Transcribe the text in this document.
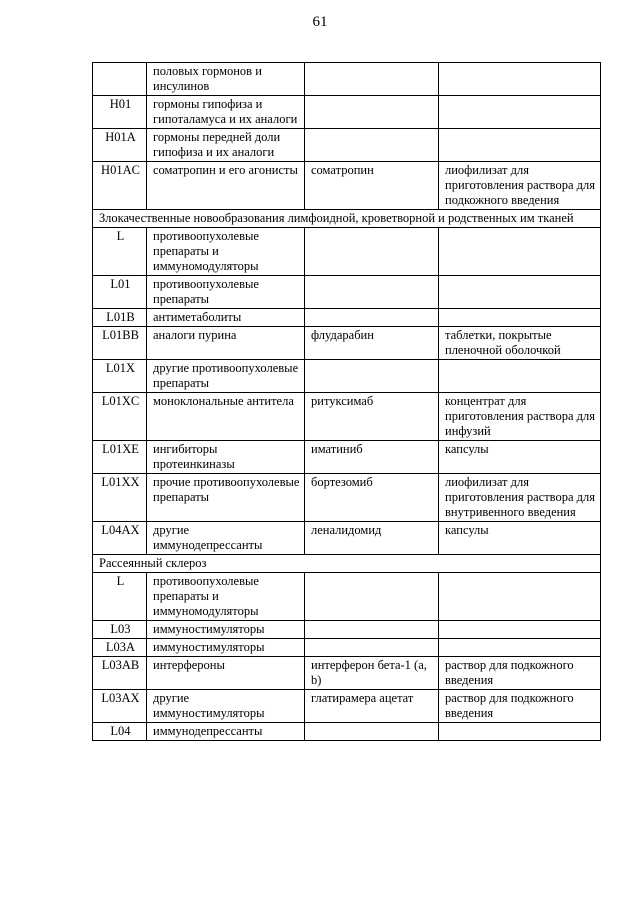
61
	половых гормонов и инсулинов		
H01	гормоны гипофиза и гипоталамуса и их аналоги		
H01A	гормоны передней доли гипофиза и их аналоги		
H01AC	соматропин и его агонисты	соматропин	лиофилизат для приготовления раствора для подкожного введения
Злокачественные новообразования лимфоидной, кроветворной и родственных им тканей			
L	противоопухолевые препараты и иммуномодуляторы		
L01	противоопухолевые препараты		
L01B	антиметаболиты		
L01BB	аналоги пурина	флударабин	таблетки, покрытые пленочной оболочкой
L01X	другие противоопухолевые препараты		
L01XC	моноклональные антитела	ритуксимаб	концентрат для приготовления раствора для инфузий
L01XE	ингибиторы протеинкиназы	иматиниб	капсулы
L01XX	прочие противоопухолевые препараты	бортезомиб	лиофилизат для приготовления раствора для внутривенного введения
L04AX	другие иммунодепрессанты	леналидомид	капсулы
Рассеянный склероз			
L	противоопухолевые препараты и иммуномодуляторы		
L03	иммуностимуляторы		
L03A	иммуностимуляторы		
L03AB	интерфероны	интерферон бета-1 (a, b)	раствор для подкожного введения
L03AX	другие иммуностимуляторы	глатирамера ацетат	раствор для подкожного введения
L04	иммунодепрессанты		
